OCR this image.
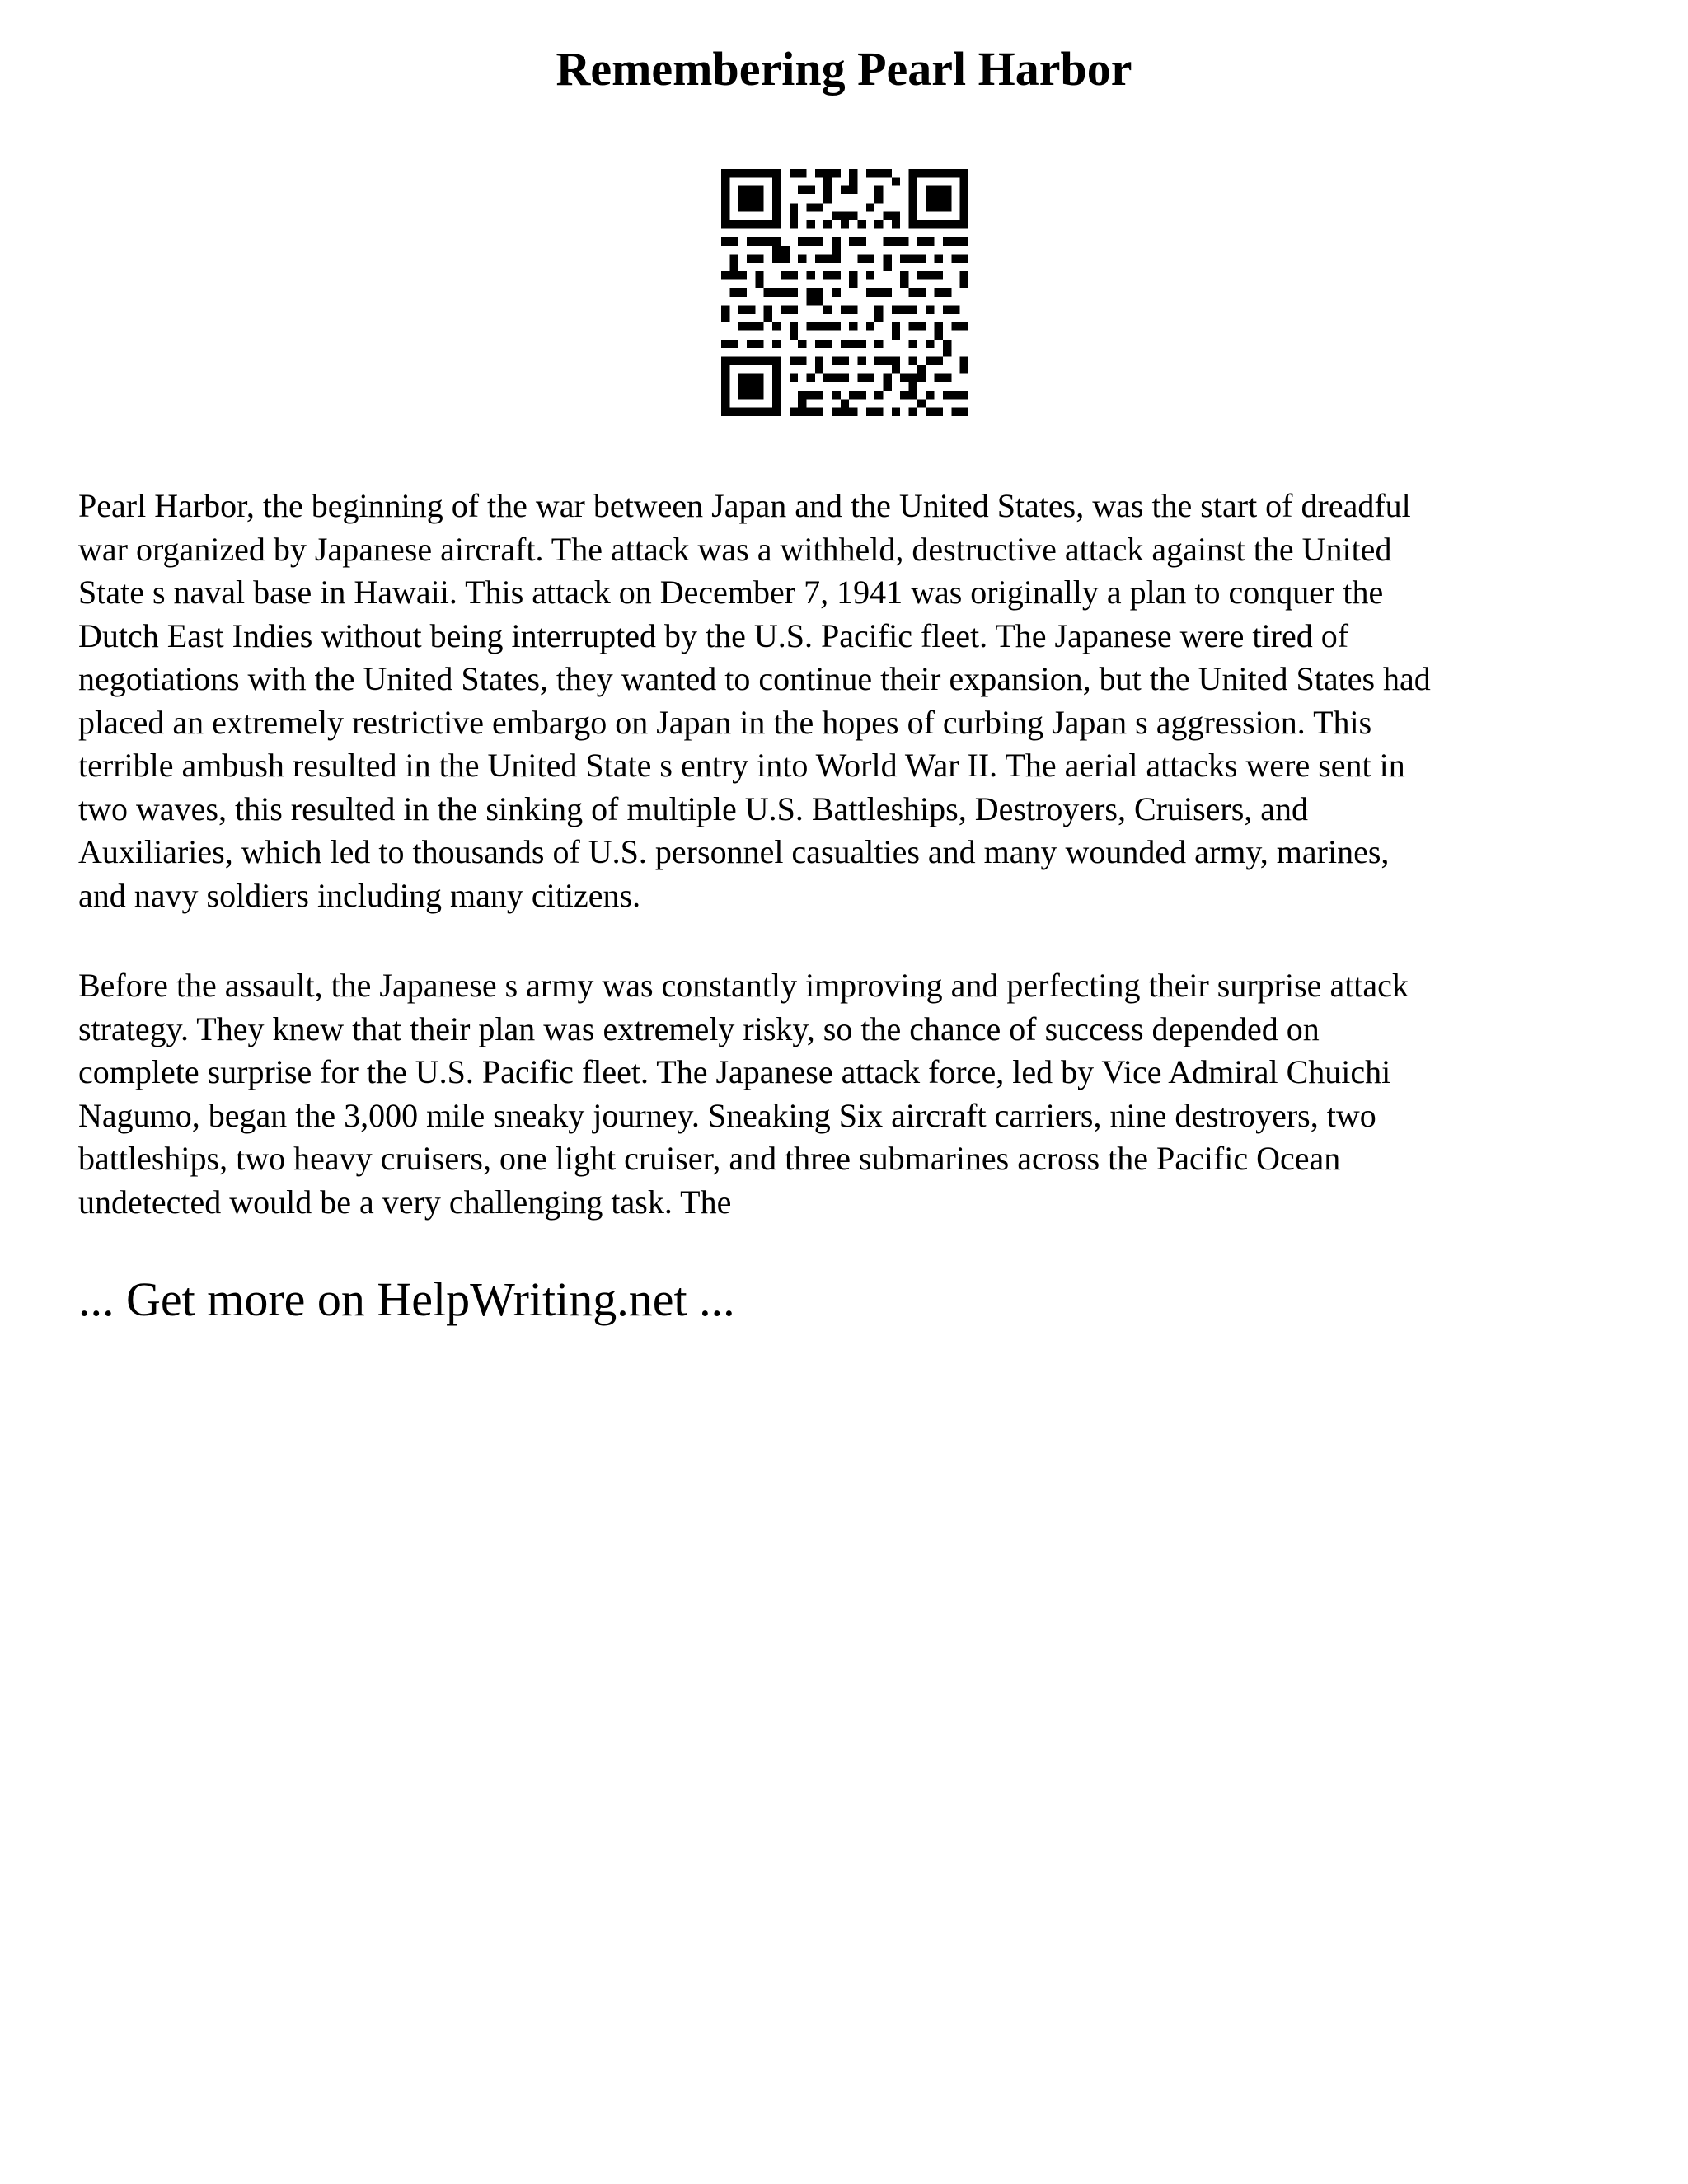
Remembering Pearl Harbor

Pearl Harbor, the beginning of the war between Japan and the United States, was the start of dreadful
war organized by Japanese aircraft. The attack was a withheld, destructive attack against the United
State s naval base in Hawaii. This attack on December 7, 1941 was originally a plan to conquer the
Dutch East Indies without being interrupted by the U.S. Pacific fleet. The Japanese were tired of
negotiations with the United States, they wanted to continue their expansion, but the United States had
placed an extremely restrictive embargo on Japan in the hopes of curbing Japan s aggression. This
terrible ambush resulted in the United State s entry into World War II. The aerial attacks were sent in
two waves, this resulted in the sinking of multiple U.S. Battleships, Destroyers, Cruisers, and
Auxiliaries, which led to thousands of U.S. personnel casualties and many wounded army, marines,
and navy soldiers including many citizens.

Before the assault, the Japanese s army was constantly improving and perfecting their surprise attack
strategy. They knew that their plan was extremely risky, so the chance of success depended on
complete surprise for the U.S. Pacific fleet. The Japanese attack force, led by Vice Admiral Chuichi
Nagumo, began the 3,000 mile sneaky journey. Sneaking Six aircraft carriers, nine destroyers, two
battleships, two heavy cruisers, one light cruiser, and three submarines across the Pacific Ocean
undetected would be a very challenging task. The

... Get more on HelpWriting.net ...
